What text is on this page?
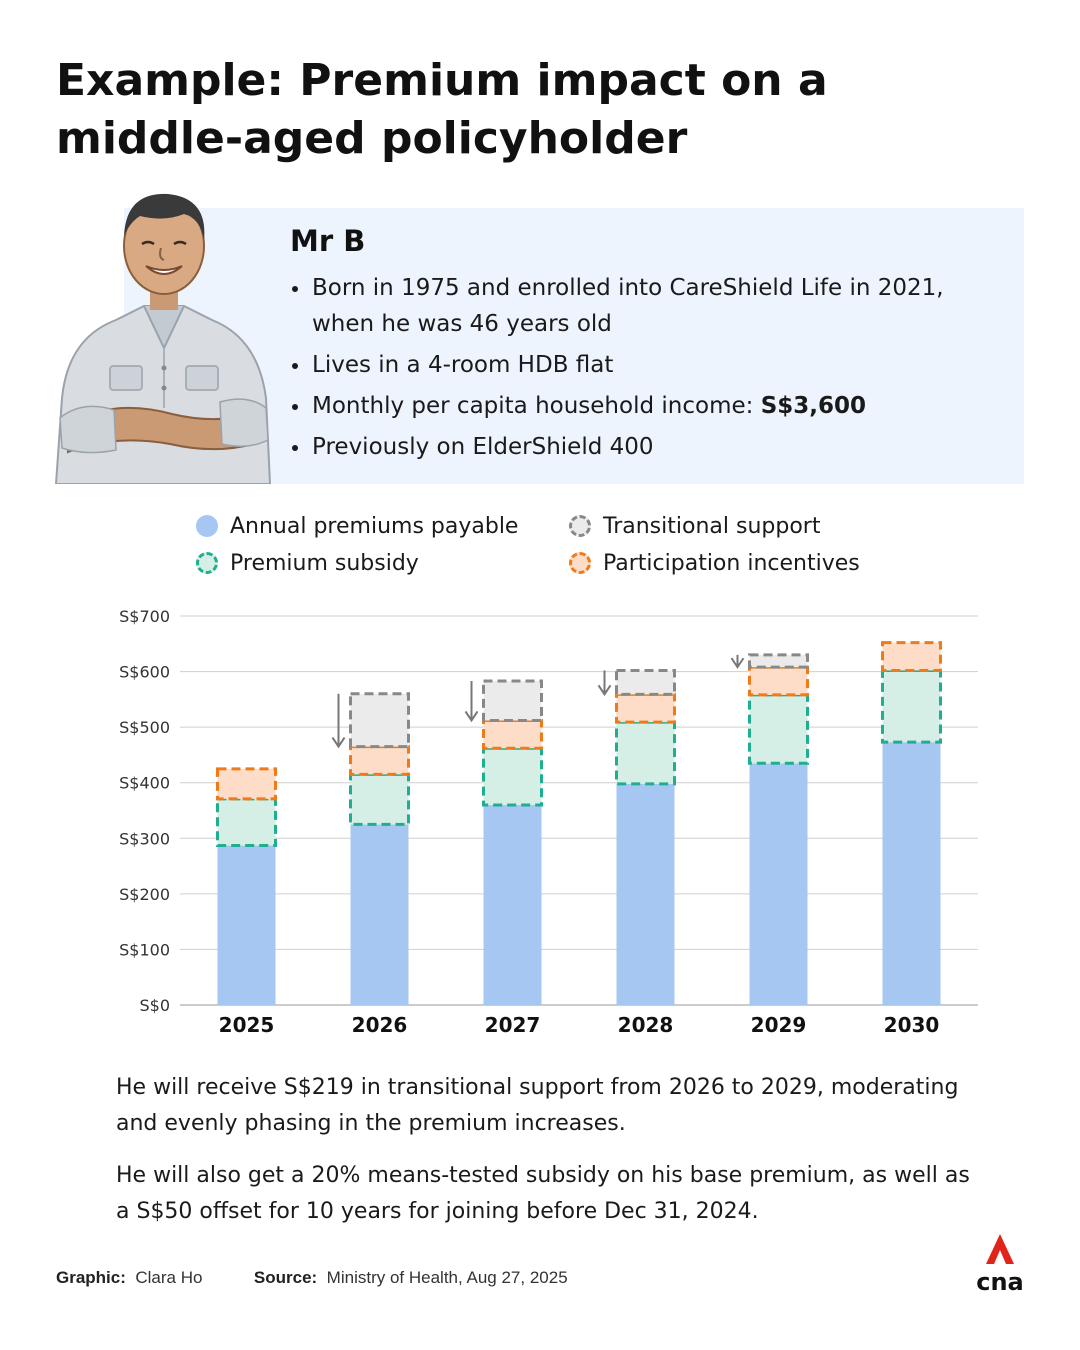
Example: Premium impact on a middle-aged policyholder
Mr B
Born in 1975 and enrolled into CareShield Life in 2021, when he was 46 years old
Lives in a 4-room HDB flat
Monthly per capita household income: S$3,600
Previously on ElderShield 400
Annual premiums payable	Transitional support
Premium subsidy	Participation incentives
S$0
S$100
S$200
S$300
S$400
S$500
S$600
S$700
2025	2026	2027	2028	2029	2030
He will receive S$219 in transitional support from 2026 to 2029, moderating and evenly phasing in the premium increases.
He will also get a 20% means-tested subsidy on his base premium, as well as a S$50 offset for 10 years for joining before Dec 31, 2024.
Graphic: Clara Ho	Source: Ministry of Health, Aug 27, 2025	cna
